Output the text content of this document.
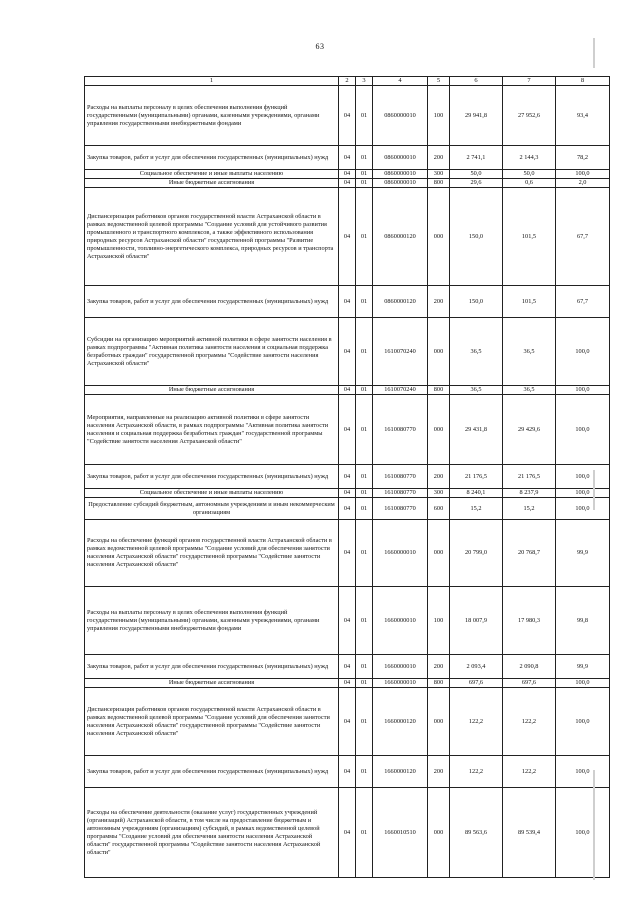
63
1	2	3	4	5	6	7	8
Расходы на выплаты персоналу в целях обеспечения выполнения функций государственными (муниципальными) органами, казенными учреждениями, органами управления государственными внебюджетными фондами	04	01	0860000010	100	29 941,8	27 952,6	93,4
Закупка товаров, работ и услуг для обеспечения государственных (муниципальных) нужд	04	01	0860000010	200	2 741,1	2 144,3	78,2
Социальное обеспечение и иные выплаты населению	04	01	0860000010	300	50,0	50,0	100,0
Иные бюджетные ассигнования	04	01	0860000010	800	29,6	0,6	2,0
Диспансеризация работников органов государственной власти Астраханской области в рамках ведомственной целевой программы "Создание условий для устойчивого развития промышленного и транспортного комплексов, а также эффективного использования природных ресурсов Астраханской области" государственной программы "Развитие промышленности, топливно-энергетического комплекса, природных ресурсов и транспорта Астраханской области"	04	01	0860000120	000	150,0	101,5	67,7
Закупка товаров, работ и услуг для обеспечения государственных (муниципальных) нужд	04	01	0860000120	200	150,0	101,5	67,7
Субсидии на организацию мероприятий активной политики в сфере занятости населения в рамках подпрограммы "Активная политика занятости населения и социальная поддержка безработных граждан" государственной программы "Содействие занятости населения Астраханской области"	04	01	1610070240	000	36,5	36,5	100,0
Иные бюджетные ассигнования	04	01	1610070240	800	36,5	36,5	100,0
Мероприятия, направленные на реализацию активной политики в сфере занятости населения Астраханской области, в рамках подпрограммы "Активная политика занятости населения и социальная поддержка безработных граждан" государственной программы "Содействие занятости населения Астраханской области"	04	01	1610080770	000	29 431,8	29 429,6	100,0
Закупка товаров, работ и услуг для обеспечения государственных (муниципальных) нужд	04	01	1610080770	200	21 176,5	21 176,5	100,0
Социальное обеспечение и иные выплаты населению	04	01	1610080770	300	8 240,1	8 237,9	100,0
Предоставление субсидий бюджетным, автономным учреждениям и иным некоммерческим организациям	04	01	1610080770	600	15,2	15,2	100,0
Расходы на обеспечение функций органов государственной власти Астраханской области в рамках ведомственной целевой программы "Создание условий для обеспечения занятости населения Астраханской области" государственной программы "Содействие занятости населения Астраханской области"	04	01	1660000010	000	20 799,0	20 768,7	99,9
Расходы на выплаты персоналу в целях обеспечения выполнения функций государственными (муниципальными) органами, казенными учреждениями, органами управления государственными внебюджетными фондами	04	01	1660000010	100	18 007,9	17 980,3	99,8
Закупка товаров, работ и услуг для обеспечения государственных (муниципальных) нужд	04	01	1660000010	200	2 093,4	2 090,8	99,9
Иные бюджетные ассигнования	04	01	1660000010	800	697,6	697,6	100,0
Диспансеризация работников органов государственной власти Астраханской области в рамках ведомственной целевой программы "Создание условий для обеспечения занятости населения Астраханской области" государственной программы "Содействие занятости населения Астраханской области"	04	01	1660000120	000	122,2	122,2	100,0
Закупка товаров, работ и услуг для обеспечения государственных (муниципальных) нужд	04	01	1660000120	200	122,2	122,2	100,0
Расходы на обеспечение деятельности (оказание услуг) государственных учреждений (организаций) Астраханской области, в том числе на предоставление бюджетным и автономным учреждениям (организациям) субсидий, в рамках ведомственной целевой программы "Создание условий для обеспечения занятости населения Астраханской области" государственной программы "Содействие занятости населения Астраханской области"	04	01	1660010510	000	89 563,6	89 539,4	100,0
